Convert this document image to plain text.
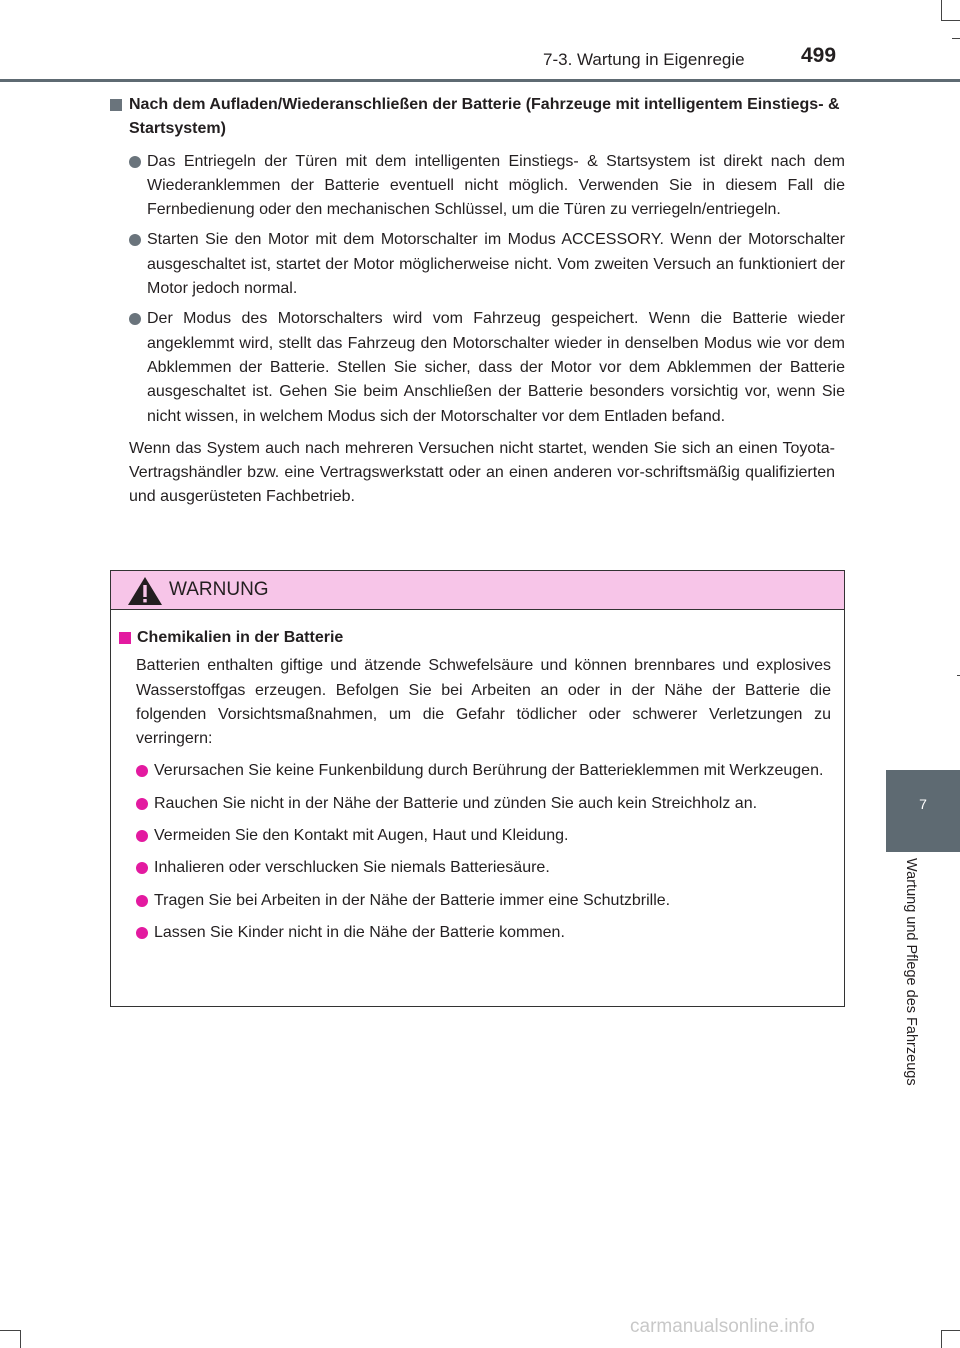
7-3. Wartung in Eigenregie	499
7
Wartung und Pflege des Fahrzeugs
Nach dem Aufladen/Wiederanschließen der Batterie (Fahrzeuge mit intelligentem Einstiegs- & Startsystem)
Das Entriegeln der Türen mit dem intelligenten Einstiegs- & Startsystem ist direkt nach dem Wiederanklemmen der Batterie eventuell nicht möglich. Verwenden Sie in diesem Fall die Fernbedienung oder den mechanischen Schlüssel, um die Türen zu verriegeln/entriegeln.
Starten Sie den Motor mit dem Motorschalter im Modus ACCESSORY. Wenn der Motorschalter ausgeschaltet ist, startet der Motor möglicherweise nicht. Vom zweiten Versuch an funktioniert der Motor jedoch normal.
Der Modus des Motorschalters wird vom Fahrzeug gespeichert. Wenn die Batterie wieder angeklemmt wird, stellt das Fahrzeug den Motorschalter wieder in denselben Modus wie vor dem Abklemmen der Batterie. Stellen Sie sicher, dass der Motor vor dem Abklemmen der Batterie ausgeschaltet ist. Gehen Sie beim Anschließen der Batterie besonders vorsichtig vor, wenn Sie nicht wissen, in welchem Modus sich der Motorschalter vor dem Entladen befand.
Wenn das System auch nach mehreren Versuchen nicht startet, wenden Sie sich an einen Toyota-Vertragshändler bzw. eine Vertragswerkstatt oder an einen anderen vor-schriftsmäßig qualifizierten und ausgerüsteten Fachbetrieb.
WARNUNG
Chemikalien in der Batterie
Batterien enthalten giftige und ätzende Schwefelsäure und können brennbares und explosives Wasserstoffgas erzeugen. Befolgen Sie bei Arbeiten an oder in der Nähe der Batterie die folgenden Vorsichtsmaßnahmen, um die Gefahr tödlicher oder schwerer Verletzungen zu verringern:
Verursachen Sie keine Funkenbildung durch Berührung der Batterieklemmen mit Werkzeugen.
Rauchen Sie nicht in der Nähe der Batterie und zünden Sie auch kein Streichholz an.
Vermeiden Sie den Kontakt mit Augen, Haut und Kleidung.
Inhalieren oder verschlucken Sie niemals Batteriesäure.
Tragen Sie bei Arbeiten in der Nähe der Batterie immer eine Schutzbrille.
Lassen Sie Kinder nicht in die Nähe der Batterie kommen.
carmanualsonline.info
